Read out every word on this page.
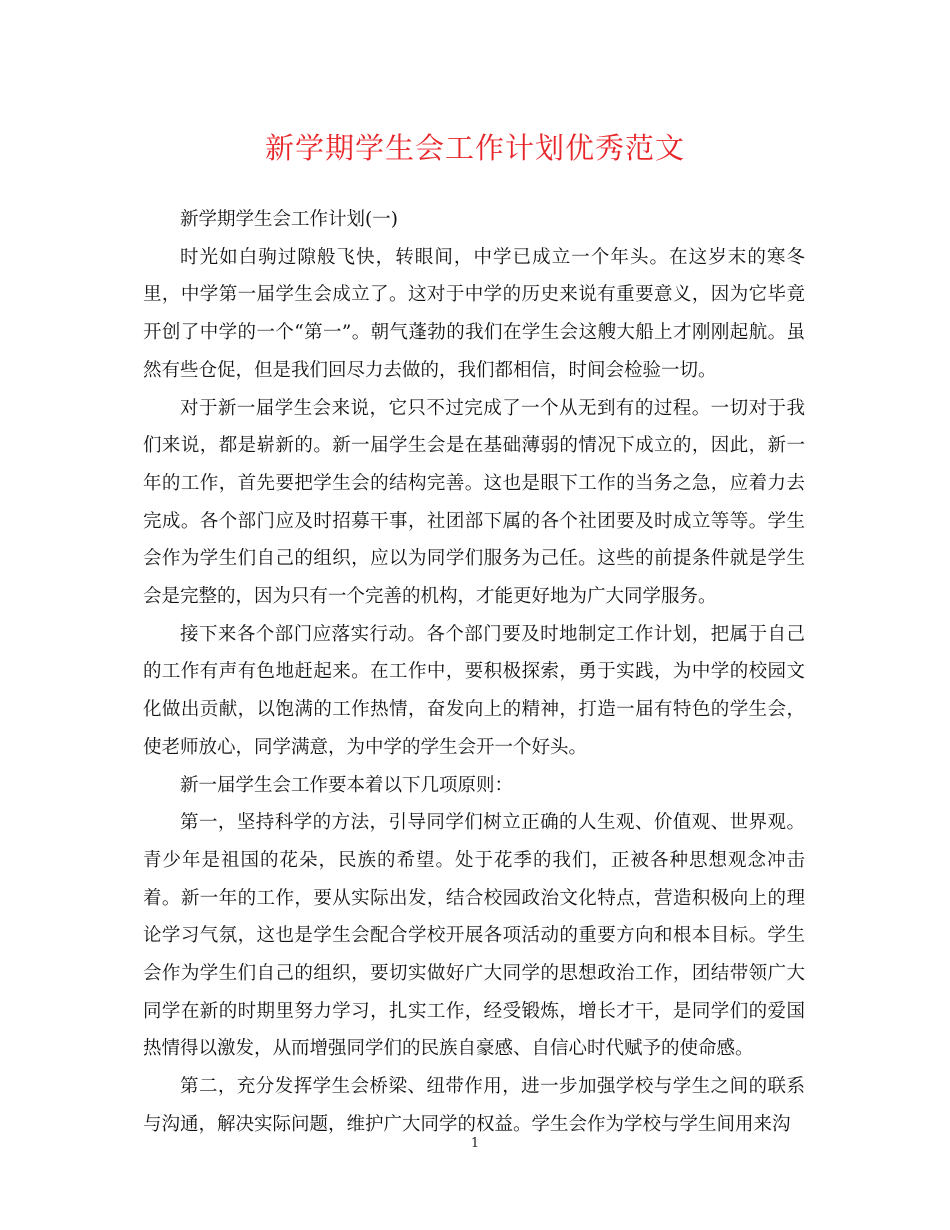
新学期学生会工作计划优秀范文

新学期学生会工作计划(一)

时光如白驹过隙般飞快，转眼间，中学已成立一个年头。在这岁末的寒冬里，中学第一届学生会成立了。这对于中学的历史来说有重要意义，因为它毕竟开创了中学的一个“第一”。朝气蓬勃的我们在学生会这艘大船上才刚刚起航。虽然有些仓促，但是我们回尽力去做的，我们都相信，时间会检验一切。

对于新一届学生会来说，它只不过完成了一个从无到有的过程。一切对于我们来说，都是崭新的。新一届学生会是在基础薄弱的情况下成立的，因此，新一年的工作，首先要把学生会的结构完善。这也是眼下工作的当务之急，应着力去完成。各个部门应及时招募干事，社团部下属的各个社团要及时成立等等。学生会作为学生们自己的组织，应以为同学们服务为己任。这些的前提条件就是学生会是完整的，因为只有一个完善的机构，才能更好地为广大同学服务。

接下来各个部门应落实行动。各个部门要及时地制定工作计划，把属于自己的工作有声有色地赶起来。在工作中，要积极探索，勇于实践，为中学的校园文化做出贡献，以饱满的工作热情，奋发向上的精神，打造一届有特色的学生会，使老师放心，同学满意，为中学的学生会开一个好头。

新一届学生会工作要本着以下几项原则：

第一，坚持科学的方法，引导同学们树立正确的人生观、价值观、世界观。青少年是祖国的花朵，民族的希望。处于花季的我们，正被各种思想观念冲击着。新一年的工作，要从实际出发，结合校园政治文化特点，营造积极向上的理论学习气氛，这也是学生会配合学校开展各项活动的重要方向和根本目标。学生会作为学生们自己的组织，要切实做好广大同学的思想政治工作，团结带领广大同学在新的时期里努力学习，扎实工作，经受锻炼，增长才干，是同学们的爱国热情得以激发，从而增强同学们的民族自豪感、自信心时代赋予的使命感。

第二，充分发挥学生会桥梁、纽带作用，进一步加强学校与学生之间的联系与沟通，解决实际问题，维护广大同学的权益。学生会作为学校与学生间用来沟

1
